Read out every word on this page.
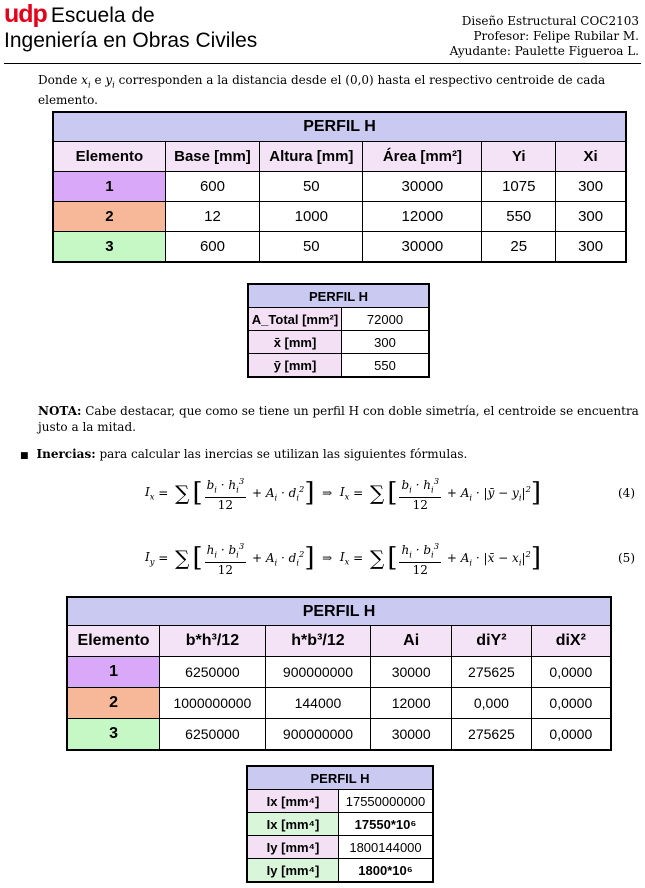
udp Escuela de
Ingeniería en Obras Civiles
Diseño Estructural COC2103
Profesor: Felipe Rubilar M.
Ayudante: Paulette Figueroa L.
Donde $x_i$ e $y_i$ corresponden a la distancia desde el (0,0) hasta el respectivo centroide de cada elemento.
PERFIL H					
Elemento	Base [mm]	Altura [mm]	Área [mm²]	Yi	Xi
1	600	50	30000	1075	300
2	12	1000	12000	550	300
3	600	50	30000	25	300
PERFIL H	
A_Total [mm²]	72000
x̄ [mm]	300
ȳ [mm]	550
NOTA: Cabe destacar, que como se tiene un perfil H con doble simetría, el centroide se encuentra justo a la mitad.
■ Inercias: para calcular las inercias se utilizan las siguientes fórmulas.
$I_x$ = ∑ [ $\frac{b_i \cdot h_i^3}{12} + A_i \cdot d_i^2$ ] ⇒ $I_x$ = ∑ [ $\frac{b_i \cdot h_i^3}{12} + A_i$ · |ȳ − $y_i|^2$ ]	(4)
$I_y$ = ∑ [ $\frac{h_i \cdot b_i^3}{12} + A_i \cdot d_i^2$ ] ⇒ $I_x$ = ∑ [ $\frac{h_i \cdot b_i^3}{12} + A_i$ · |x̄ − $x_i|^2$ ]	(5)
PERFIL H					
Elemento	b*h³/12	h*b³/12	Ai	diY²	diX²
1	6250000	900000000	30000	275625	0,0000
2	1000000000	144000	12000	0,000	0,0000
3	6250000	900000000	30000	275625	0,0000
PERFIL H	
Ix [mm⁴]	17550000000
Ix [mm⁴]	17550*10⁶
Iy [mm⁴]	1800144000
Iy [mm⁴]	1800*10⁶
